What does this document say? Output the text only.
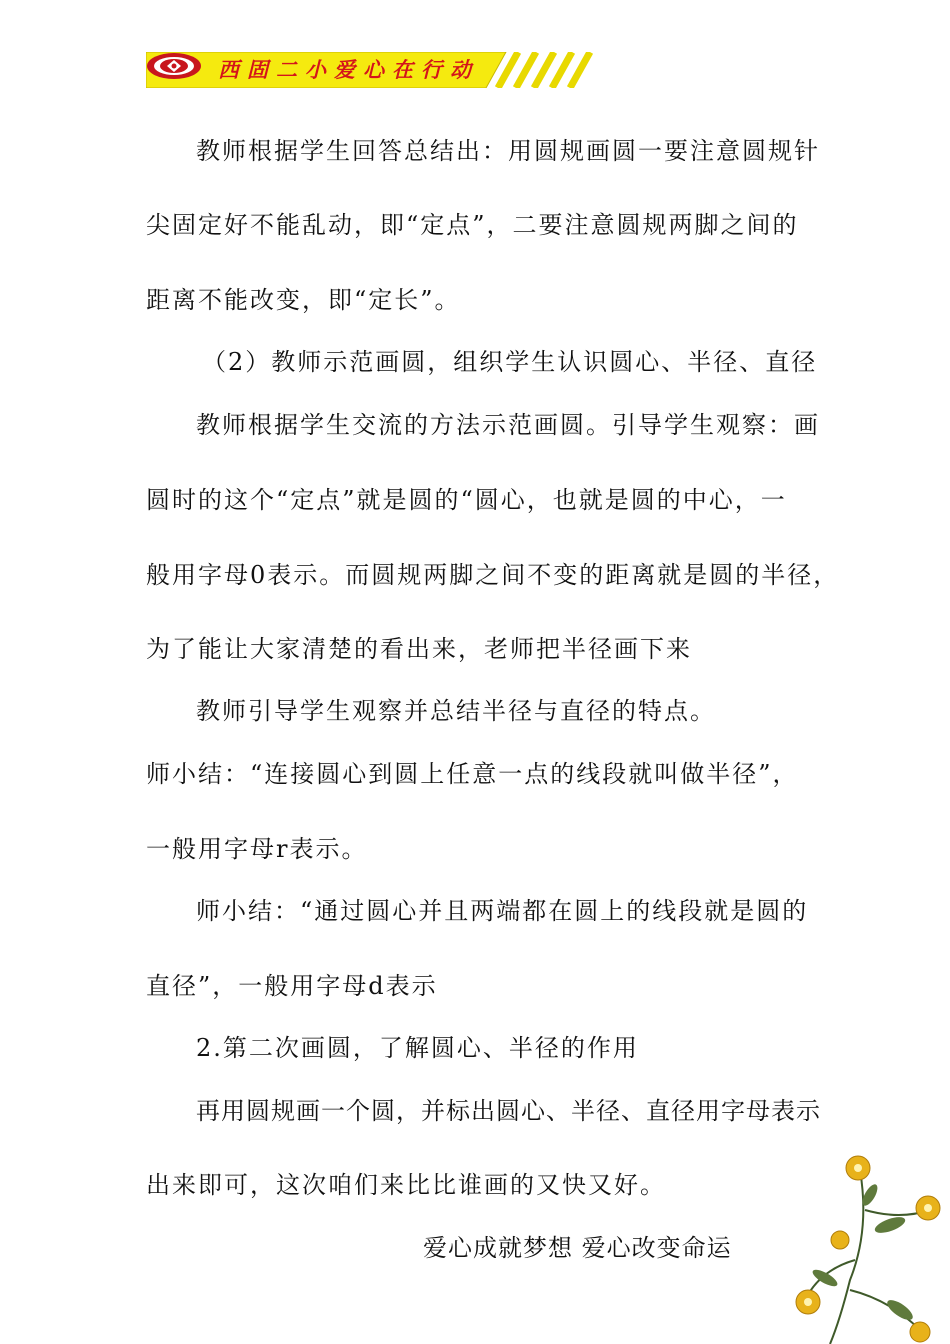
西固二小爱心在行动
教师根据学生回答总结出：用圆规画圆一要注意圆规针
尖固定好不能乱动，即“定点”，二要注意圆规两脚之间的
距离不能改变，即“定长”。
（2）教师示范画圆，组织学生认识圆心、半径、直径
教师根据学生交流的方法示范画圆。引导学生观察：画
圆时的这个“定点”就是圆的“圆心，也就是圆的中心，一
般用字母0表示。而圆规两脚之间不变的距离就是圆的半径，
为了能让大家清楚的看出来，老师把半径画下来
教师引导学生观察并总结半径与直径的特点。
师小结：“连接圆心到圆上任意一点的线段就叫做半径”，
一般用字母r表示。
师小结：“通过圆心并且两端都在圆上的线段就是圆的
直径”，一般用字母d表示
2.第二次画圆，了解圆心、半径的作用
再用圆规画一个圆，并标出圆心、半径、直径用字母表示
出来即可，这次咱们来比比谁画的又快又好。
爱心成就梦想 爱心改变命运
